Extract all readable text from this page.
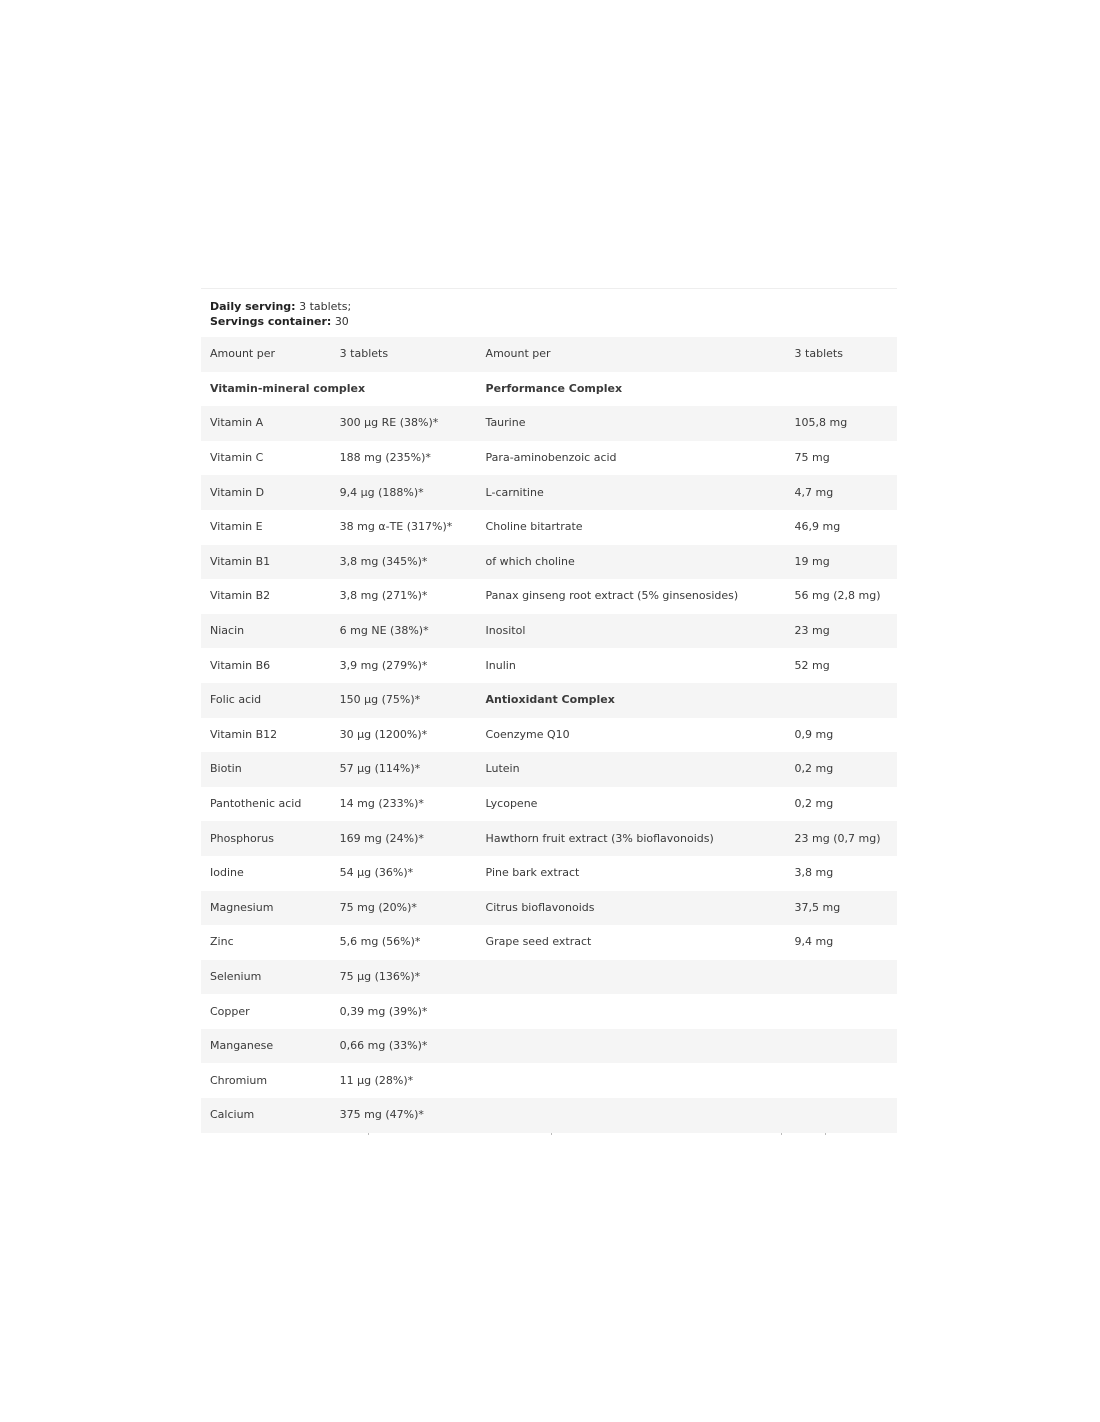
Daily serving: 3 tablets;
Servings container: 30
Amount per	3 tablets	Amount per	3 tablets
Vitamin-mineral complex		Performance Complex	
Vitamin A	300 µg RE (38%)*	Taurine	105,8 mg
Vitamin C	188 mg (235%)*	Para-aminobenzoic acid	75 mg
Vitamin D	9,4 µg (188%)*	L-carnitine	4,7 mg
Vitamin E	38 mg α-TE (317%)*	Choline bitartrate	46,9 mg
Vitamin B1	3,8 mg (345%)*	of which choline	19 mg
Vitamin B2	3,8 mg (271%)*	Panax ginseng root extract (5% ginsenosides)	56 mg (2,8 mg)
Niacin	6 mg NE (38%)*	Inositol	23 mg
Vitamin B6	3,9 mg (279%)*	Inulin	52 mg
Folic acid	150 µg (75%)*	Antioxidant Complex	
Vitamin B12	30 µg (1200%)*	Coenzyme Q10	0,9 mg
Biotin	57 µg (114%)*	Lutein	0,2 mg
Pantothenic acid	14 mg (233%)*	Lycopene	0,2 mg
Phosphorus	169 mg (24%)*	Hawthorn fruit extract (3% bioflavonoids)	23 mg (0,7 mg)
Iodine	54 µg (36%)*	Pine bark extract	3,8 mg
Magnesium	75 mg (20%)*	Citrus bioflavonoids	37,5 mg
Zinc	5,6 mg (56%)*	Grape seed extract	9,4 mg
Selenium	75 µg (136%)*		
Copper	0,39 mg (39%)*		
Manganese	0,66 mg (33%)*		
Chromium	11 µg (28%)*		
Calcium	375 mg (47%)*		
